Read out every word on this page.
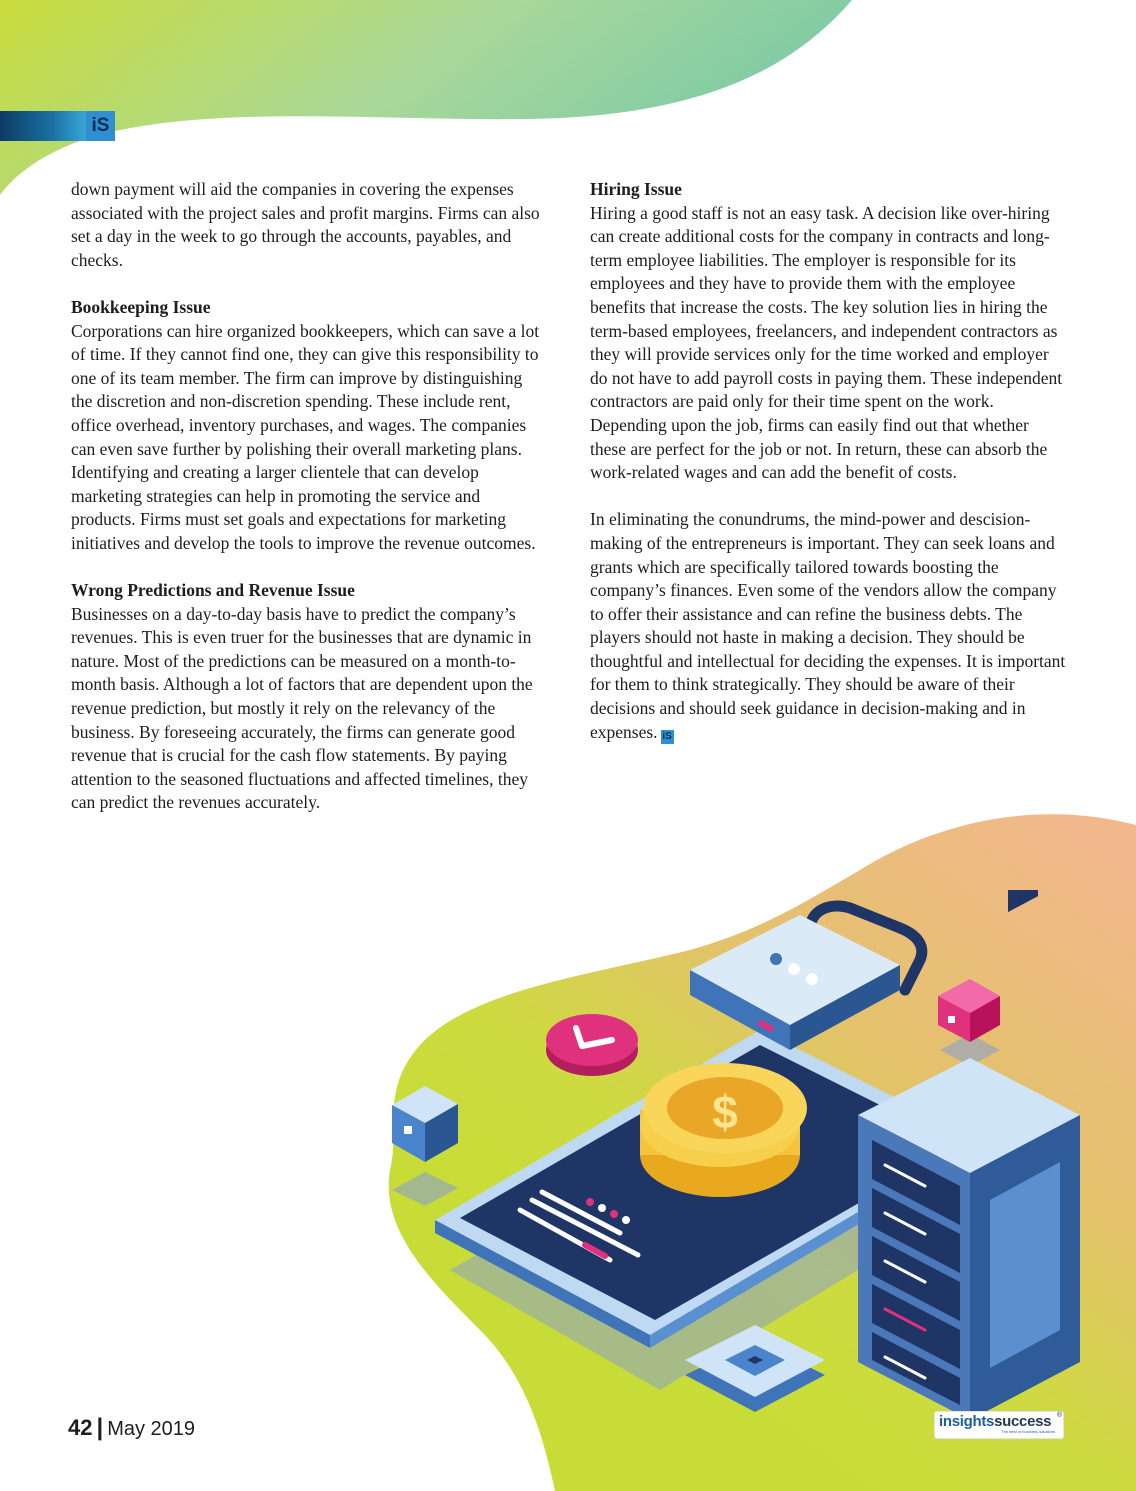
iS

down payment will aid the companies in covering the expenses associated with the project sales and profit margins. Firms can also set a day in the week to go through the accounts, payables, and checks.

Bookkeeping Issue

Corporations can hire organized bookkeepers, which can save a lot of time. If they cannot find one, they can give this responsibility to one of its team member. The firm can improve by distinguishing the discretion and non-discretion spending. These include rent, office overhead, inventory purchases, and wages. The companies can even save further by polishing their overall marketing plans. Identifying and creating a larger clientele that can develop marketing strategies can help in promoting the service and products. Firms must set goals and expectations for marketing initiatives and develop the tools to improve the revenue outcomes.

Wrong Predictions and Revenue Issue

Businesses on a day-to-day basis have to predict the company’s revenues. This is even truer for the businesses that are dynamic in nature. Most of the predictions can be measured on a month-to-month basis. Although a lot of factors that are dependent upon the revenue prediction, but mostly it rely on the relevancy of the business. By foreseeing accurately, the firms can generate good revenue that is crucial for the cash flow statements. By paying attention to the seasoned fluctuations and affected timelines, they can predict the revenues accurately.

Hiring Issue

Hiring a good staff is not an easy task. A decision like over-hiring can create additional costs for the company in contracts and long-term employee liabilities. The employer is responsible for its employees and they have to provide them with the employee benefits that increase the costs. The key solution lies in hiring the term-based employees, freelancers, and independent contractors as they will provide services only for the time worked and employer do not have to add payroll costs in paying them. These independent contractors are paid only for their time spent on the work. Depending upon the job, firms can easily find out that whether these are perfect for the job or not. In return, these can absorb the work-related wages and can add the benefit of costs.

In eliminating the conundrums, the mind-power and descision-making of the entrepreneurs is important. They can seek loans and grants which are specifically tailored towards boosting the company’s finances. Even some of the vendors allow the company to offer their assistance and can refine the business debts. The players should not haste in making a decision. They should be thoughtful and intellectual for deciding the expenses. It is important for them to think strategically. They should be aware of their decisions and should seek guidance in decision-making and in expenses. iS

$
42 | May 2019	insightssuccess
The best of business solutions
®
